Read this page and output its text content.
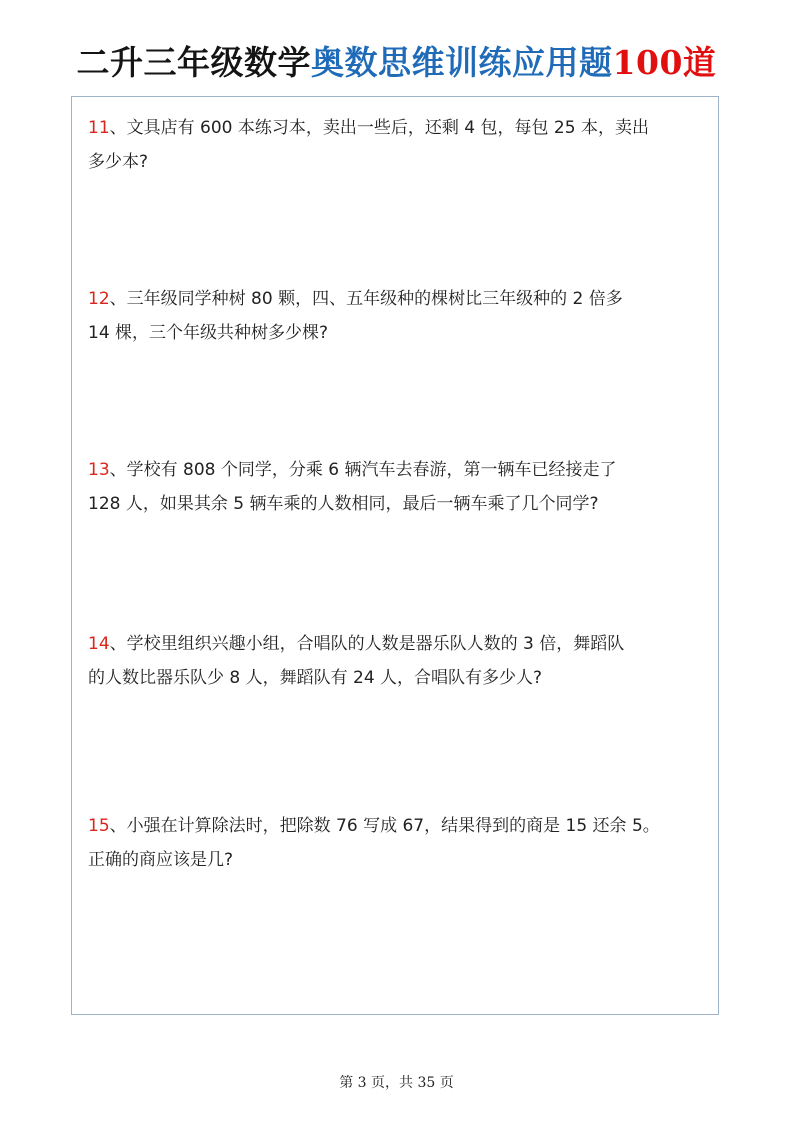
二升三年级数学奥数思维训练应用题100道
11、文具店有 600 本练习本，卖出一些后，还剩 4 包，每包 25 本，卖出
多少本?
12、三年级同学种树 80 颗，四、五年级种的棵树比三年级种的 2 倍多
14 棵，三个年级共种树多少棵?
13、学校有 808 个同学，分乘 6 辆汽车去春游，第一辆车已经接走了
128 人，如果其余 5 辆车乘的人数相同，最后一辆车乘了几个同学?
14、学校里组织兴趣小组，合唱队的人数是器乐队人数的 3 倍，舞蹈队
的人数比器乐队少 8 人，舞蹈队有 24 人，合唱队有多少人?
15、小强在计算除法时，把除数 76 写成 67，结果得到的商是 15 还余 5。
正确的商应该是几?
第 3 页，共 35 页
